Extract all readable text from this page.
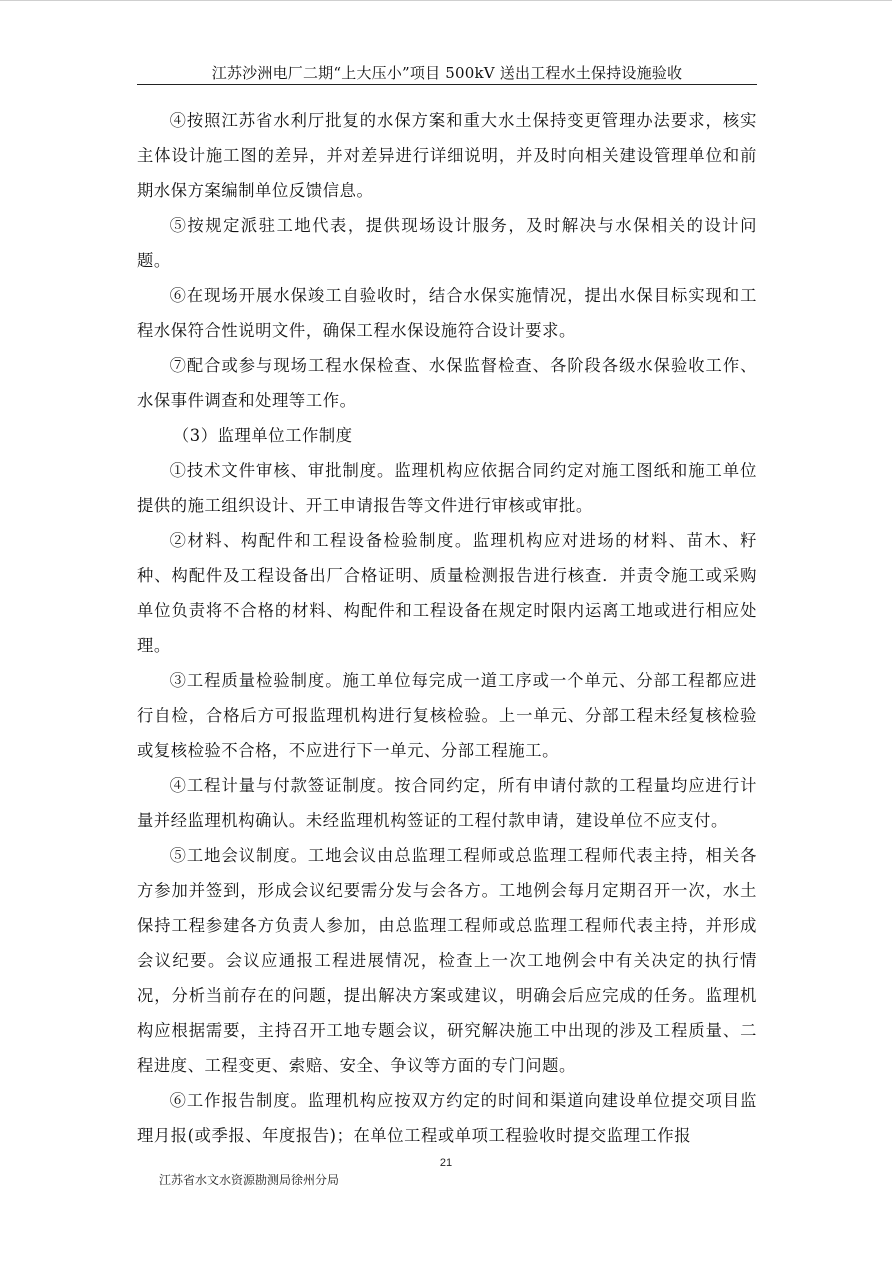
江苏沙洲电厂二期“上大压小”项目 500kV 送出工程水土保持设施验收

④按照江苏省水利厅批复的水保方案和重大水土保持变更管理办法要求，核实主体设计施工图的差异，并对差异进行详细说明，并及时向相关建设管理单位和前期水保方案编制单位反馈信息。

⑤按规定派驻工地代表，提供现场设计服务，及时解决与水保相关的设计问题。

⑥在现场开展水保竣工自验收时，结合水保实施情况，提出水保目标实现和工程水保符合性说明文件，确保工程水保设施符合设计要求。

⑦配合或参与现场工程水保检查、水保监督检查、各阶段各级水保验收工作、水保事件调查和处理等工作。

（3）监理单位工作制度

①技术文件审核、审批制度。监理机构应依据合同约定对施工图纸和施工单位提供的施工组织设计、开工申请报告等文件进行审核或审批。

②材料、构配件和工程设备检验制度。监理机构应对进场的材料、苗木、籽种、构配件及工程设备出厂合格证明、质量检测报告进行核查．并责令施工或采购单位负责将不合格的材料、构配件和工程设备在规定时限内运离工地或进行相应处理。

③工程质量检验制度。施工单位每完成一道工序或一个单元、分部工程都应进行自检，合格后方可报监理机构进行复核检验。上一单元、分部工程未经复核检验或复核检验不合格，不应进行下一单元、分部工程施工。

④工程计量与付款签证制度。按合同约定，所有申请付款的工程量均应进行计量并经监理机构确认。未经监理机构签证的工程付款申请，建设单位不应支付。

⑤工地会议制度。工地会议由总监理工程师或总监理工程师代表主持，相关各方参加并签到，形成会议纪要需分发与会各方。工地例会每月定期召开一次，水土保持工程参建各方负责人参加，由总监理工程师或总监理工程师代表主持，并形成会议纪要。会议应通报工程进展情况，检查上一次工地例会中有关决定的执行情况，分析当前存在的问题，提出解决方案或建议，明确会后应完成的任务。监理机构应根据需要，主持召开工地专题会议，研究解决施工中出现的涉及工程质量、二程进度、工程变更、索赔、安全、争议等方面的专门问题。

⑥工作报告制度。监理机构应按双方约定的时间和渠道向建设单位提交项目监理月报(或季报、年度报告)；在单位工程或单项工程验收时提交监理工作报

21
江苏省水文水资源勘测局徐州分局
